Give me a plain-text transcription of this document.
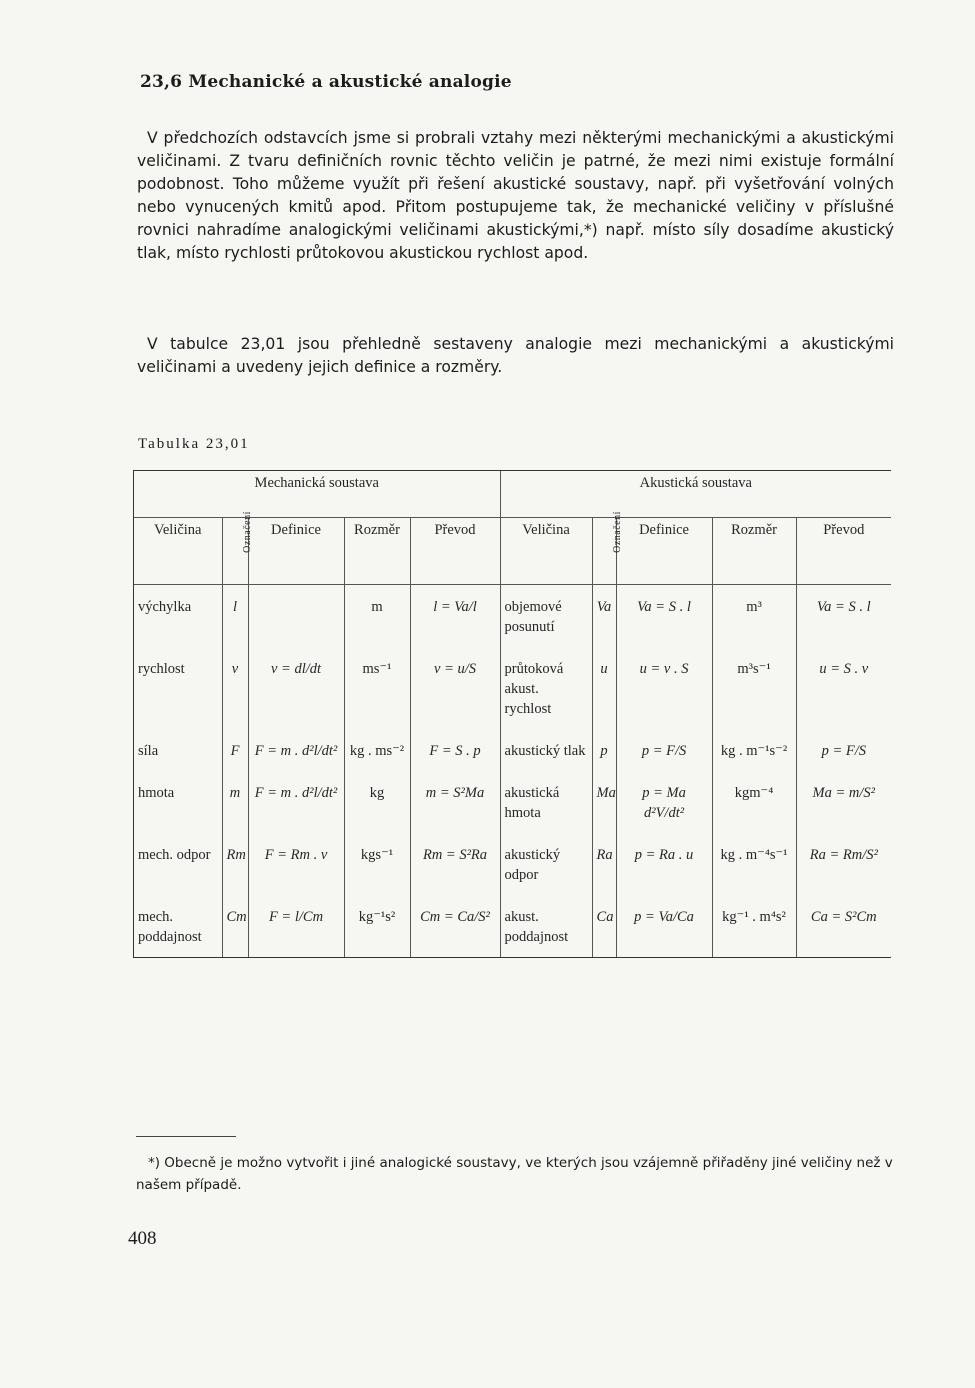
23,6 Mechanické a akustické analogie

V předchozích odstavcích jsme si probrali vztahy mezi některými mechanickými a akustickými veličinami. Z tvaru definičních rovnic těchto veličin je patrné, že mezi nimi existuje formální podobnost. Toho můžeme využít při řešení akustické soustavy, např. při vyšetřování volných nebo vynucených kmitů apod. Přitom postupujeme tak, že mechanické veličiny v příslušné rovnici nahradíme analogickými veličinami akustickými,*) např. místo síly dosadíme akustický tlak, místo rychlosti průtokovou akustickou rychlost apod.

V tabulce 23,01 jsou přehledně sestaveny analogie mezi mechanickými a akustickými veličinami a uvedeny jejich definice a rozměry.

Tabulka 23,01
Mechanická soustava					Akustická soustava				
Veličina	Označení	Definice	Rozměr	Převod	Veličina	Označení	Definice	Rozměr	Převod
výchylka	l		m	l = Va/l	objemové posunutí	Va	Va = S . l	m³	Va = S . l
rychlost	v	v = dl/dt	ms⁻¹	v = u/S	průtoková akust. rychlost	u	u = v . S	m³s⁻¹	u = S . v
síla	F	F = m . d²l/dt²	kg . ms⁻²	F = S . p	akustický tlak	p	p = F/S	kg . m⁻¹s⁻²	p = F/S
hmota	m	F = m . d²l/dt²	kg	m = S²Ma	akustická hmota	Ma	p = Ma d²V/dt²	kgm⁻⁴	Ma = m/S²
mech. odpor	Rm	F = Rm . v	kgs⁻¹	Rm = S²Ra	akustický odpor	Ra	p = Ra . u	kg . m⁻⁴s⁻¹	Ra = Rm/S²
mech. poddajnost	Cm	F = l/Cm	kg⁻¹s²	Cm = Ca/S²	akust. poddajnost	Ca	p = Va/Ca	kg⁻¹ . m⁴s²	Ca = S²Cm

*) Obecně je možno vytvořit i jiné analogické soustavy, ve kterých jsou vzájemně přiřaděny jiné veličiny než v našem případě.

408
